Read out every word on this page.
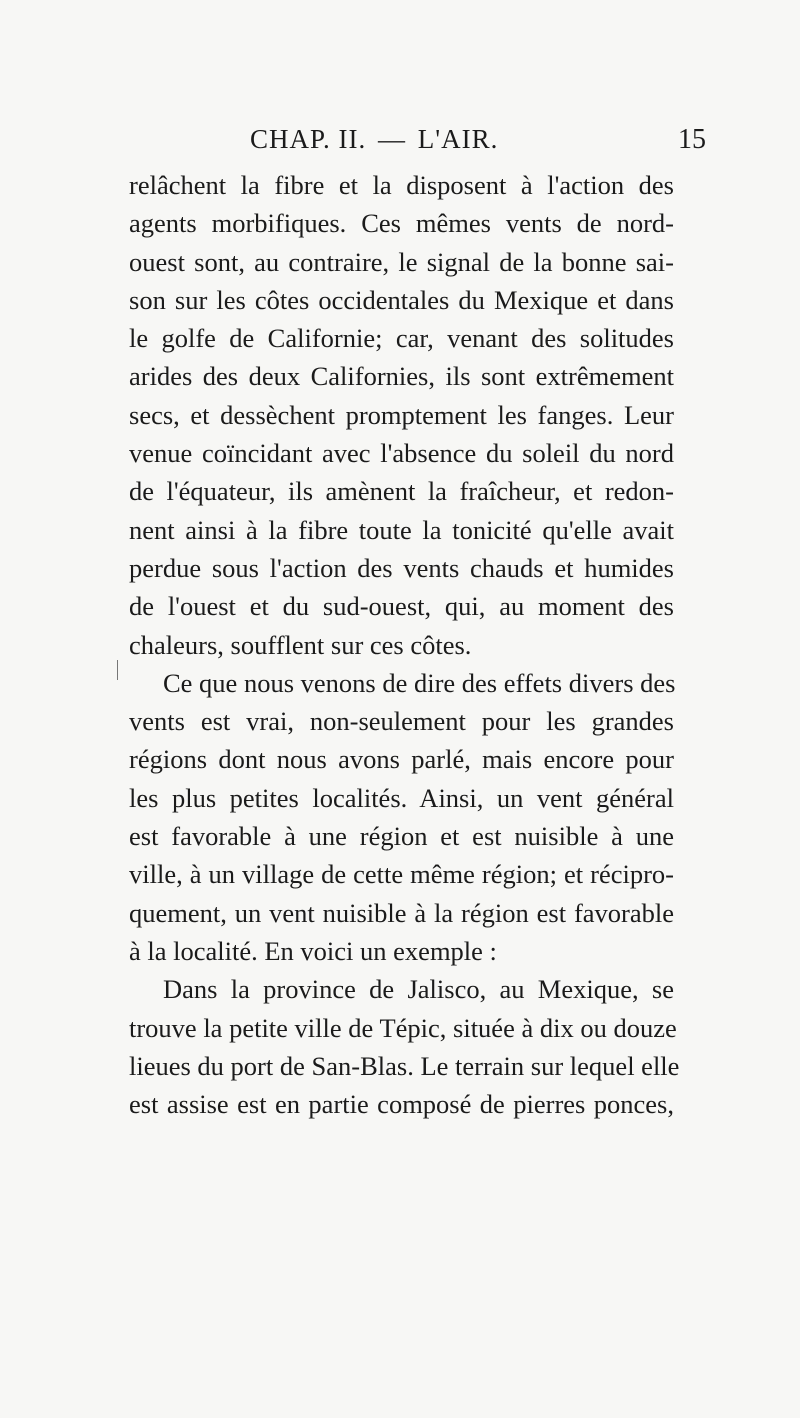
CHAP. II. — L'AIR.	15
relâchent la fibre et la disposent à l'action des
agents morbifiques. Ces mêmes vents de nord-
ouest sont, au contraire, le signal de la bonne sai-
son sur les côtes occidentales du Mexique et dans
le golfe de Californie; car, venant des solitudes
arides des deux Californies, ils sont extrêmement
secs, et dessèchent promptement les fanges. Leur
venue coïncidant avec l'absence du soleil du nord
de l'équateur, ils amènent la fraîcheur, et redon-
nent ainsi à la fibre toute la tonicité qu'elle avait
perdue sous l'action des vents chauds et humides
de l'ouest et du sud-ouest, qui, au moment des
chaleurs, soufflent sur ces côtes.
Ce que nous venons de dire des effets divers des
vents est vrai, non-seulement pour les grandes
régions dont nous avons parlé, mais encore pour
les plus petites localités. Ainsi, un vent général
est favorable à une région et est nuisible à une
ville, à un village de cette même région; et récipro-
quement, un vent nuisible à la région est favorable
à la localité. En voici un exemple :
Dans la province de Jalisco, au Mexique, se
trouve la petite ville de Tépic, située à dix ou douze
lieues du port de San-Blas. Le terrain sur lequel elle
est assise est en partie composé de pierres ponces,
